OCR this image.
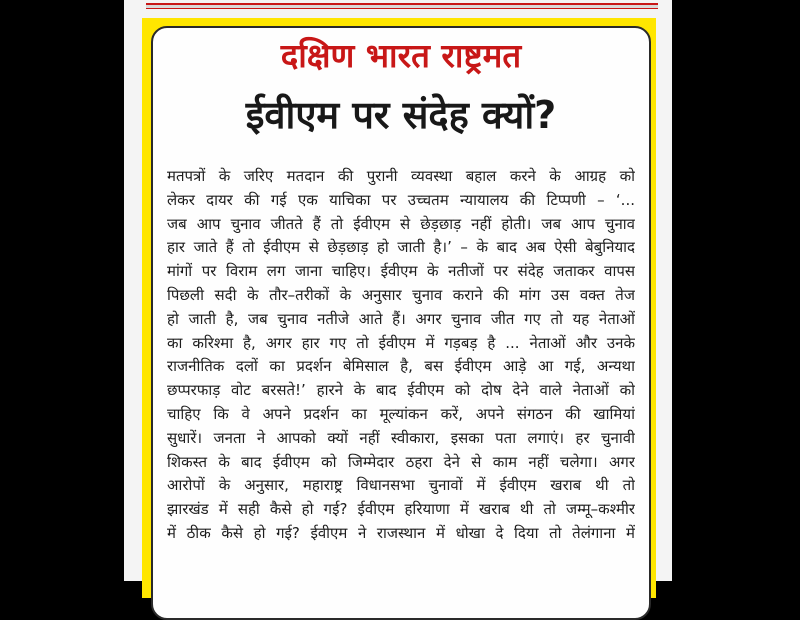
दक्षिण भारत राष्ट्रमत
ईवीएम पर संदेह क्यों?
मतपत्रों के जरिए मतदान की पुरानी व्यवस्था बहाल करने के आग्रह को
लेकर दायर की गई एक याचिका पर उच्चतम न्यायालय की टिप्पणी – ‘...
जब आप चुनाव जीतते हैं तो ईवीएम से छेड़छाड़ नहीं होती। जब आप चुनाव
हार जाते हैं तो ईवीएम से छेड़छाड़ हो जाती है।’ – के बाद अब ऐसी बेबुनियाद
मांगों पर विराम लग जाना चाहिए। ईवीएम के नतीजों पर संदेह जताकर वापस
पिछली सदी के तौर–तरीकों के अनुसार चुनाव कराने की मांग उस वक्त तेज
हो जाती है, जब चुनाव नतीजे आते हैं। अगर चुनाव जीत गए तो यह नेताओं
का करिश्मा है, अगर हार गए तो ईवीएम में गड़बड़ है ... नेताओं और उनके
राजनीतिक दलों का प्रदर्शन बेमिसाल है, बस ईवीएम आड़े आ गई, अन्यथा
छप्परफाड़ वोट बरसते!’ हारने के बाद ईवीएम को दोष देने वाले नेताओं को
चाहिए कि वे अपने प्रदर्शन का मूल्यांकन करें, अपने संगठन की खामियां
सुधारें। जनता ने आपको क्यों नहीं स्वीकारा, इसका पता लगाएं। हर चुनावी
शिकस्त के बाद ईवीएम को जिम्मेदार ठहरा देने से काम नहीं चलेगा। अगर
आरोपों के अनुसार, महाराष्ट्र विधानसभा चुनावों में ईवीएम खराब थी तो
झारखंड में सही कैसे हो गई? ईवीएम हरियाणा में खराब थी तो जम्मू–कश्मीर
में ठीक कैसे हो गई? ईवीएम ने राजस्थान में धोखा दे दिया तो तेलंगाना में
